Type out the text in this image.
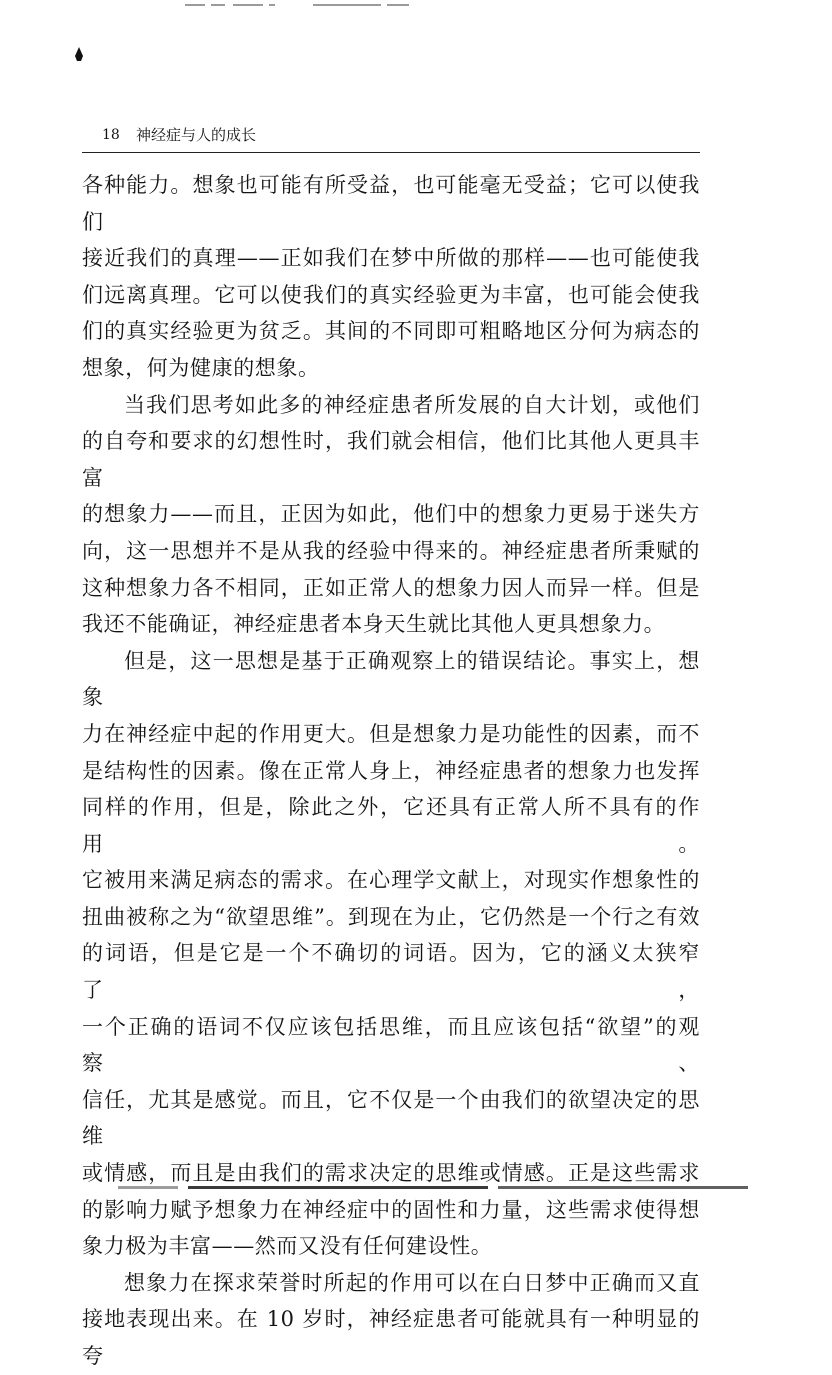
18 神经症与人的成长
各种能力。想象也可能有所受益，也可能毫无受益；它可以使我们
接近我们的真理——正如我们在梦中所做的那样——也可能使我
们远离真理。它可以使我们的真实经验更为丰富，也可能会使我
们的真实经验更为贫乏。其间的不同即可粗略地区分何为病态的
想象，何为健康的想象。
当我们思考如此多的神经症患者所发展的自大计划，或他们
的自夸和要求的幻想性时，我们就会相信，他们比其他人更具丰富
的想象力——而且，正因为如此，他们中的想象力更易于迷失方
向，这一思想并不是从我的经验中得来的。神经症患者所秉赋的
这种想象力各不相同，正如正常人的想象力因人而异一样。但是
我还不能确证，神经症患者本身天生就比其他人更具想象力。
但是，这一思想是基于正确观察上的错误结论。事实上，想象
力在神经症中起的作用更大。但是想象力是功能性的因素，而不
是结构性的因素。像在正常人身上，神经症患者的想象力也发挥
同样的作用，但是，除此之外，它还具有正常人所不具有的作用。
它被用来满足病态的需求。在心理学文献上，对现实作想象性的
扭曲被称之为“欲望思维”。到现在为止，它仍然是一个行之有效
的词语，但是它是一个不确切的词语。因为，它的涵义太狭窄了，
一个正确的语词不仅应该包括思维，而且应该包括“欲望”的观察、
信任，尤其是感觉。而且，它不仅是一个由我们的欲望决定的思维
或情感，而且是由我们的需求决定的思维或情感。正是这些需求
的影响力赋予想象力在神经症中的固性和力量，这些需求使得想
象力极为丰富——然而又没有任何建设性。
想象力在探求荣誉时所起的作用可以在白日梦中正确而又直
接地表现出来。在 10 岁时，神经症患者可能就具有一种明显的夸
